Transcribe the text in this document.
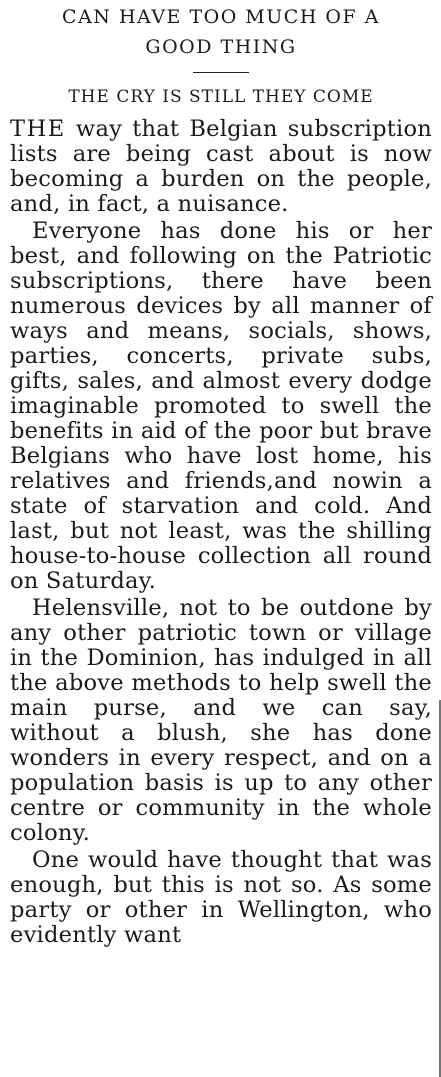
CAN HAVE TOO MUCH OF A
GOOD THING
THE CRY IS STILL THEY COME

THE way that Belgian subscription lists are being cast about is now becoming a burden on the people, and, in fact, a nuisance.

Everyone has done his or her best, and following on the Patriotic subscriptions, there have been numerous devices by all manner of ways and means, socials, shows, parties, concerts, private subs, gifts, sales, and almost every dodge imaginable promoted to swell the benefits in aid of the poor but brave Belgians who have lost home, his relatives and friends,and nowin a state of starvation and cold. And last, but not least, was the shilling house-to-house collection all round on Saturday.

Helensville, not to be outdone by any other patriotic town or village in the Dominion, has indulged in all the above methods to help swell the main purse, and we can say, without a blush, she has done wonders in every respect, and on a population basis is up to any other centre or community in the whole colony.

One would have thought that was enough, but this is not so. As some party or other in Wellington, who evidently want
